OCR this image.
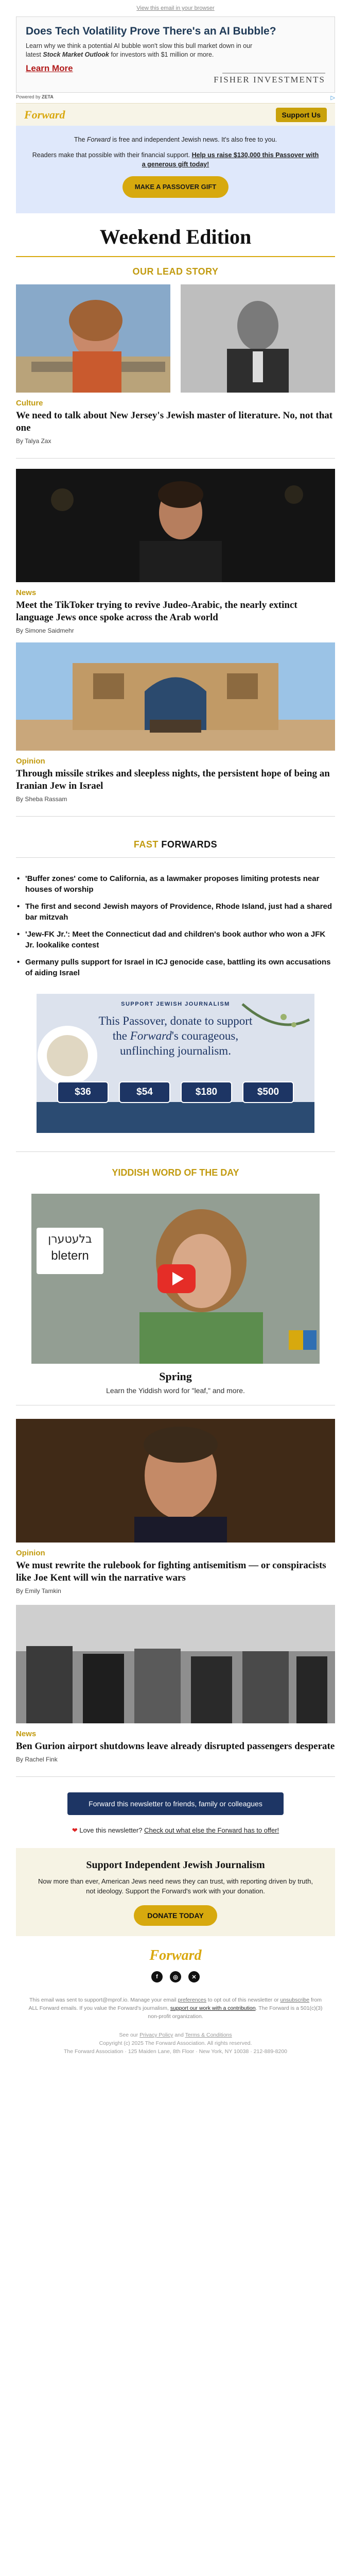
View this email in your browser
Does Tech Volatility Prove There's an AI Bubble?

Learn why we think a potential AI bubble won't slow this bull market down in our latest Stock Market Outlook for investors with $1 million or more.

Learn More
FISHER INVESTMENTS
Powered by ZETA	▷
Forward	Support Us

The Forward is free and independent Jewish news. It's also free to you.

Readers make that possible with their financial support. Help us raise $130,000 this Passover with a generous gift today!

MAKE A PASSOVER GIFT
Weekend Edition
OUR LEAD STORY
Culture
We need to talk about New Jersey's Jewish master of literature. No, not that one
By Talya Zax
News
Meet the TikToker trying to revive Judeo-Arabic, the nearly extinct language Jews once spoke across the Arab world
By Simone Saidmehr
Opinion
Through missile strikes and sleepless nights, the persistent hope of being an Iranian Jew in Israel
By Sheba Rassam
FAST FORWARDS
• 'Buffer zones' come to California, as a lawmaker proposes limiting protests near houses of worship
• The first and second Jewish mayors of Providence, Rhode Island, just had a shared bar mitzvah
• 'Jew-FK Jr.': Meet the Connecticut dad and children's book author who won a JFK Jr. lookalike contest
• Germany pulls support for Israel in ICJ genocide case, battling its own accusations of aiding Israel
SUPPORT JEWISH JOURNALISM
This Passover, donate to support
the Forward's courageous,
unflinching journalism.
$36	$54	$180	$500
YIDDISH WORD OF THE DAY
בלעטערן
bletern
Spring
Learn the Yiddish word for "leaf," and more.
Opinion
We must rewrite the rulebook for fighting antisemitism — or conspiracists like Joe Kent will win the narrative wars
By Emily Tamkin
News
Ben Gurion airport shutdowns leave already disrupted passengers desperate
By Rachel Fink
Forward this newsletter to friends, family or colleagues
❤ Love this newsletter? Check out what else the Forward has to offer!
Support Independent Jewish Journalism

Now more than ever, American Jews need news they can trust, with reporting driven by truth, not ideology. Support the Forward's work with your donation.

DONATE TODAY
Forward
f	◎	✕
This email was sent to support@mprof.io. Manage your email preferences to opt out of this newsletter or unsubscribe from ALL Forward emails. If you value the Forward's journalism, support our work with a contribution. The Forward is a 501(c)(3) non-profit organization.
See our Privacy Policy and Terms & Conditions
Copyright (c) 2025 The Forward Association. All rights reserved.
The Forward Association · 125 Maiden Lane, 8th Floor · New York, NY 10038 · 212-889-8200
